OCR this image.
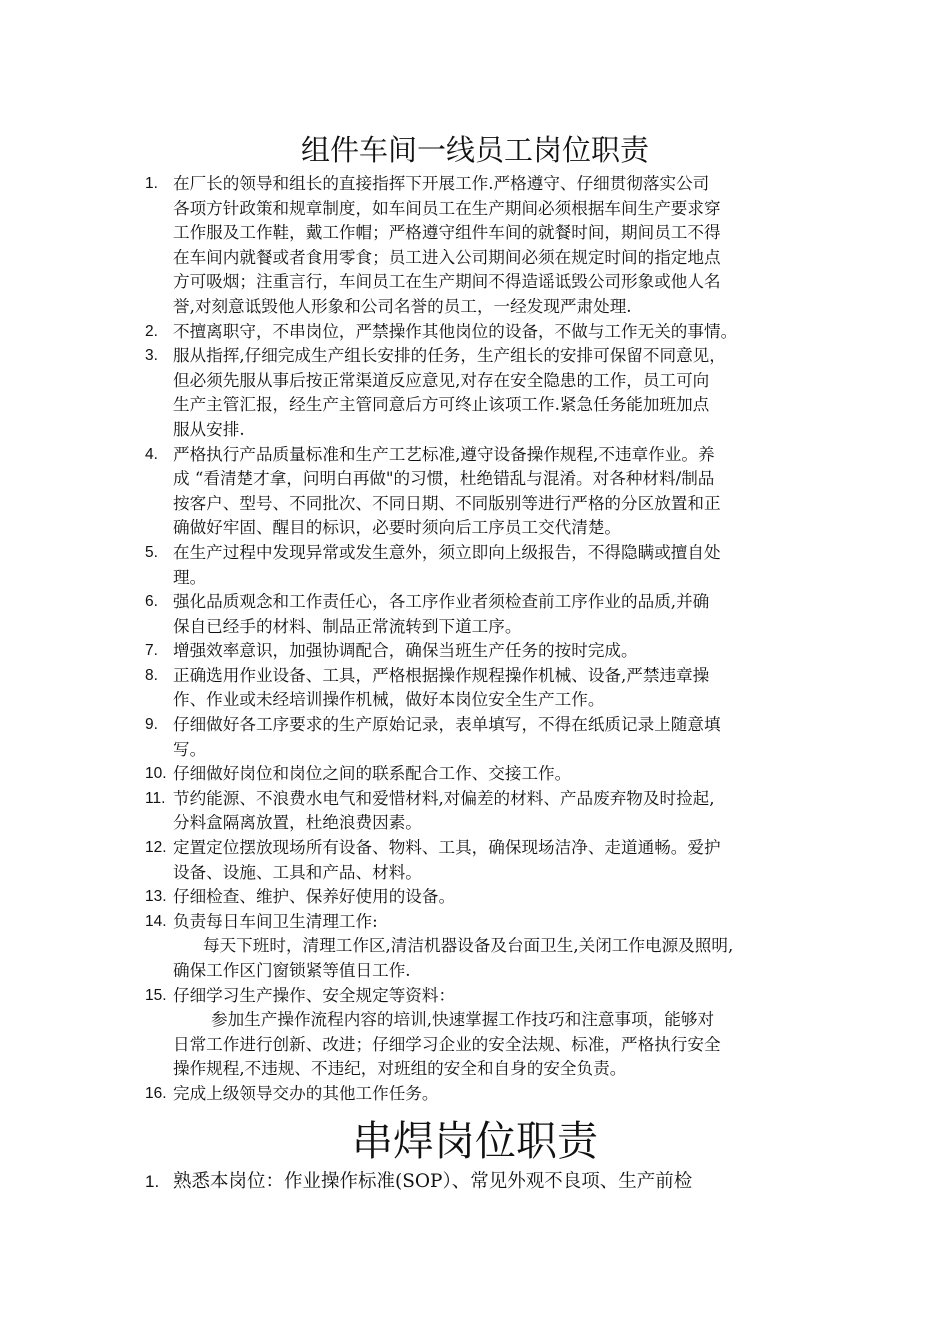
组件车间一线员工岗位职责
1. 在厂长的领导和组长的直接指挥下开展工作.严格遵守、仔细贯彻落实公司
各项方针政策和规章制度，如车间员工在生产期间必须根据车间生产要求穿
工作服及工作鞋，戴工作帽；严格遵守组件车间的就餐时间，期间员工不得
在车间内就餐或者食用零食；员工进入公司期间必须在规定时间的指定地点
方可吸烟；注重言行，车间员工在生产期间不得造谣诋毁公司形象或他人名
誉,对刻意诋毁他人形象和公司名誉的员工，一经发现严肃处理.
2. 不擅离职守，不串岗位，严禁操作其他岗位的设备，不做与工作无关的事情。
3. 服从指挥,仔细完成生产组长安排的任务，生产组长的安排可保留不同意见，
但必须先服从事后按正常渠道反应意见,对存在安全隐患的工作，员工可向
生产主管汇报，经生产主管同意后方可终止该项工作.紧急任务能加班加点
服从安排.
4. 严格执行产品质量标准和生产工艺标准,遵守设备操作规程,不违章作业。养
成 “看清楚才拿，问明白再做"的习惯，杜绝错乱与混淆。对各种材料/制品
按客户、型号、不同批次、不同日期、不同版别等进行严格的分区放置和正
确做好牢固、醒目的标识，必要时须向后工序员工交代清楚。
5. 在生产过程中发现异常或发生意外，须立即向上级报告，不得隐瞒或擅自处
理。
6. 强化品质观念和工作责任心，各工序作业者须检查前工序作业的品质,并确
保自已经手的材料、制品正常流转到下道工序。
7. 增强效率意识，加强协调配合，确保当班生产任务的按时完成。
8. 正确选用作业设备、工具，严格根据操作规程操作机械、设备,严禁违章操
作、作业或未经培训操作机械，做好本岗位安全生产工作。
9. 仔细做好各工序要求的生产原始记录，表单填写，不得在纸质记录上随意填
写。
10. 仔细做好岗位和岗位之间的联系配合工作、交接工作。
11. 节约能源、不浪费水电气和爱惜材料,对偏差的材料、产品废弃物及时捡起,
分料盒隔离放置，杜绝浪费因素。
12. 定置定位摆放现场所有设备、物料、工具，确保现场洁净、走道通畅。爱护
设备、设施、工具和产品、材料。
13. 仔细检查、维护、保养好使用的设备。
14. 负责每日车间卫生清理工作:
每天下班时，清理工作区,清洁机器设备及台面卫生,关闭工作电源及照明,
确保工作区门窗锁紧等值日工作.
15. 仔细学习生产操作、安全规定等资料：
参加生产操作流程内容的培训,快速掌握工作技巧和注意事项，能够对
日常工作进行创新、改进；仔细学习企业的安全法规、标准，严格执行安全
操作规程,不违规、不违纪，对班组的安全和自身的安全负责。
16. 完成上级领导交办的其他工作任务。
串焊岗位职责
1. 熟悉本岗位：作业操作标准(SOP）、常见外观不良项、生产前检
